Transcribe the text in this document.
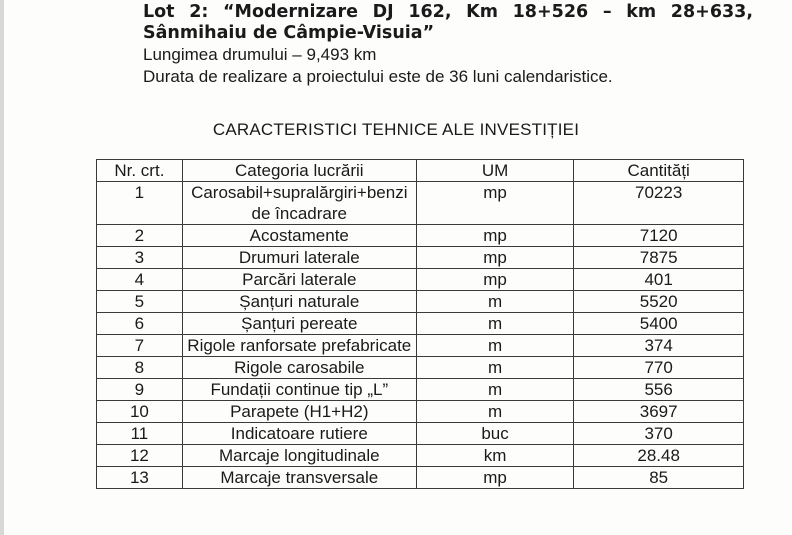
Lot 2: “Modernizare DJ 162, Km 18+526 – km 28+633, Sânmihaiu de Câmpie-Visuia”

Lungimea drumului – 9,493 km

Durata de realizare a proiectului este de 36 luni calendaristice.

CARACTERISTICI TEHNICE ALE INVESTIȚIEI
Nr. crt.	Categoria lucrării	UM	Cantități
1	Carosabil+supralărgiri+benzi de încadrare	mp	70223
2	Acostamente	mp	7120
3	Drumuri laterale	mp	7875
4	Parcări laterale	mp	401
5	Șanțuri naturale	m	5520
6	Șanțuri pereate	m	5400
7	Rigole ranforsate prefabricate	m	374
8	Rigole carosabile	m	770
9	Fundații continue tip „L”	m	556
10	Parapete (H1+H2)	m	3697
11	Indicatoare rutiere	buc	370
12	Marcaje longitudinale	km	28.48
13	Marcaje transversale	mp	85
